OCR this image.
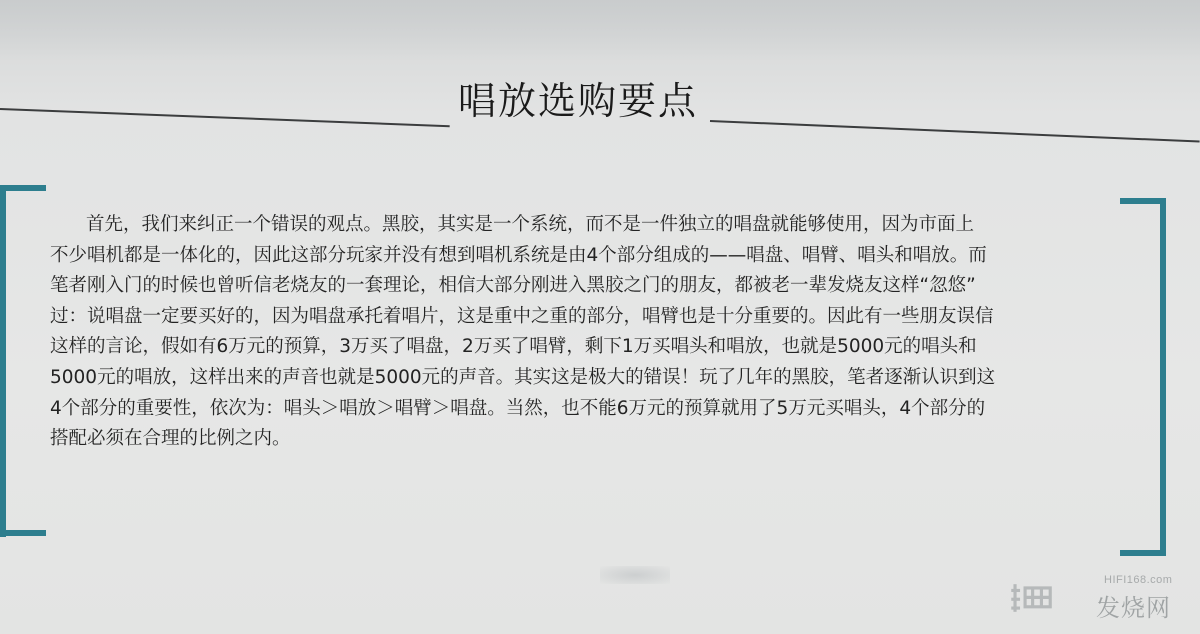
唱放选购要点
首先，我们来纠正一个错误的观点。黑胶，其实是一个系统，而不是一件独立的唱盘就能够使用，因为市面上
不少唱机都是一体化的，因此这部分玩家并没有想到唱机系统是由4个部分组成的——唱盘、唱臂、唱头和唱放。而
笔者刚入门的时候也曾听信老烧友的一套理论，相信大部分刚进入黑胶之门的朋友，都被老一辈发烧友这样“忽悠”
过：说唱盘一定要买好的，因为唱盘承托着唱片，这是重中之重的部分，唱臂也是十分重要的。因此有一些朋友误信
这样的言论，假如有6万元的预算，3万买了唱盘，2万买了唱臂，剩下1万买唱头和唱放，也就是5000元的唱头和
5000元的唱放，这样出来的声音也就是5000元的声音。其实这是极大的错误！玩了几年的黑胶，笔者逐渐认识到这
4个部分的重要性，依次为：唱头＞唱放＞唱臂＞唱盘。当然，也不能6万元的预算就用了5万元买唱头，4个部分的
搭配必须在合理的比例之内。
HIFI168.com
发烧网
